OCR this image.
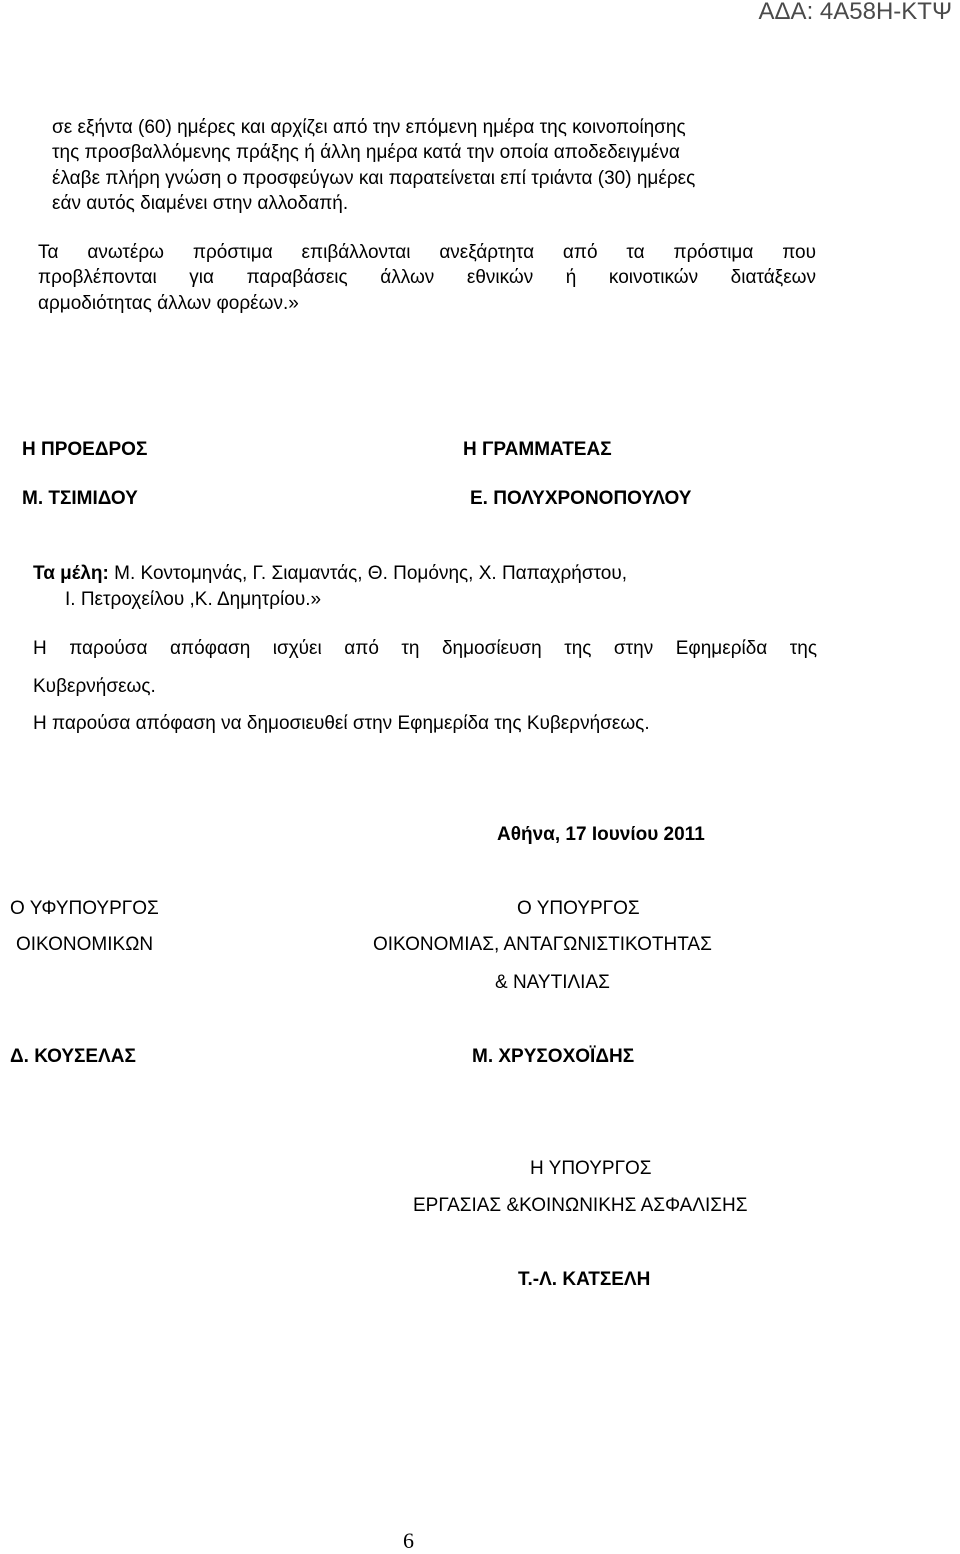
ΑΔΑ: 4Α58Η-ΚΤΨ
σε εξήντα (60) ημέρες και αρχίζει από την επόμενη ημέρα της κοινοποίησης
της προσβαλλόμενης πράξης ή άλλη ημέρα κατά την οποία αποδεδειγμένα
έλαβε πλήρη γνώση ο προσφεύγων και παρατείνεται επί τριάντα (30) ημέρες
εάν αυτός διαμένει στην αλλοδαπή.
Τα ανωτέρω πρόστιμα επιβάλλονται ανεξάρτητα από τα πρόστιμα που
προβλέπονται για παραβάσεις άλλων εθνικών ή κοινοτικών διατάξεων
αρμοδιότητας άλλων φορέων.»
Η ΠΡΟΕΔΡΟΣ	Η ΓΡΑΜΜΑΤΕΑΣ
Μ. ΤΣΙΜΙΔΟΥ	Ε. ΠΟΛΥΧΡΟΝΟΠΟΥΛΟΥ
Τα μέλη: Μ. Κοντομηνάς, Γ. Σιαμαντάς, Θ. Πομόνης, Χ. Παπαχρήστου,
Ι. Πετροχείλου ,Κ. Δημητρίου.»
Η παρούσα απόφαση ισχύει από τη δημοσίευση της στην Εφημερίδα της
Κυβερνήσεως.
Η παρούσα απόφαση να δημοσιευθεί στην Εφημερίδα της Κυβερνήσεως.
Αθήνα, 17 Ιουνίου 2011
Ο ΥΦΥΠΟΥΡΓΟΣ	Ο ΥΠΟΥΡΓΟΣ
ΟΙΚΟΝΟΜΙΚΩΝ	ΟΙΚΟΝΟΜΙΑΣ, ΑΝΤΑΓΩΝΙΣΤΙΚΟΤΗΤΑΣ
& ΝΑΥΤΙΛΙΑΣ
Δ. ΚΟΥΣΕΛΑΣ	Μ. ΧΡΥΣΟΧΟΪΔΗΣ
Η ΥΠΟΥΡΓΟΣ
ΕΡΓΑΣΙΑΣ &ΚΟΙΝΩΝΙΚΗΣ ΑΣΦΑΛΙΣΗΣ
Τ.-Λ. ΚΑΤΣΕΛΗ
6
